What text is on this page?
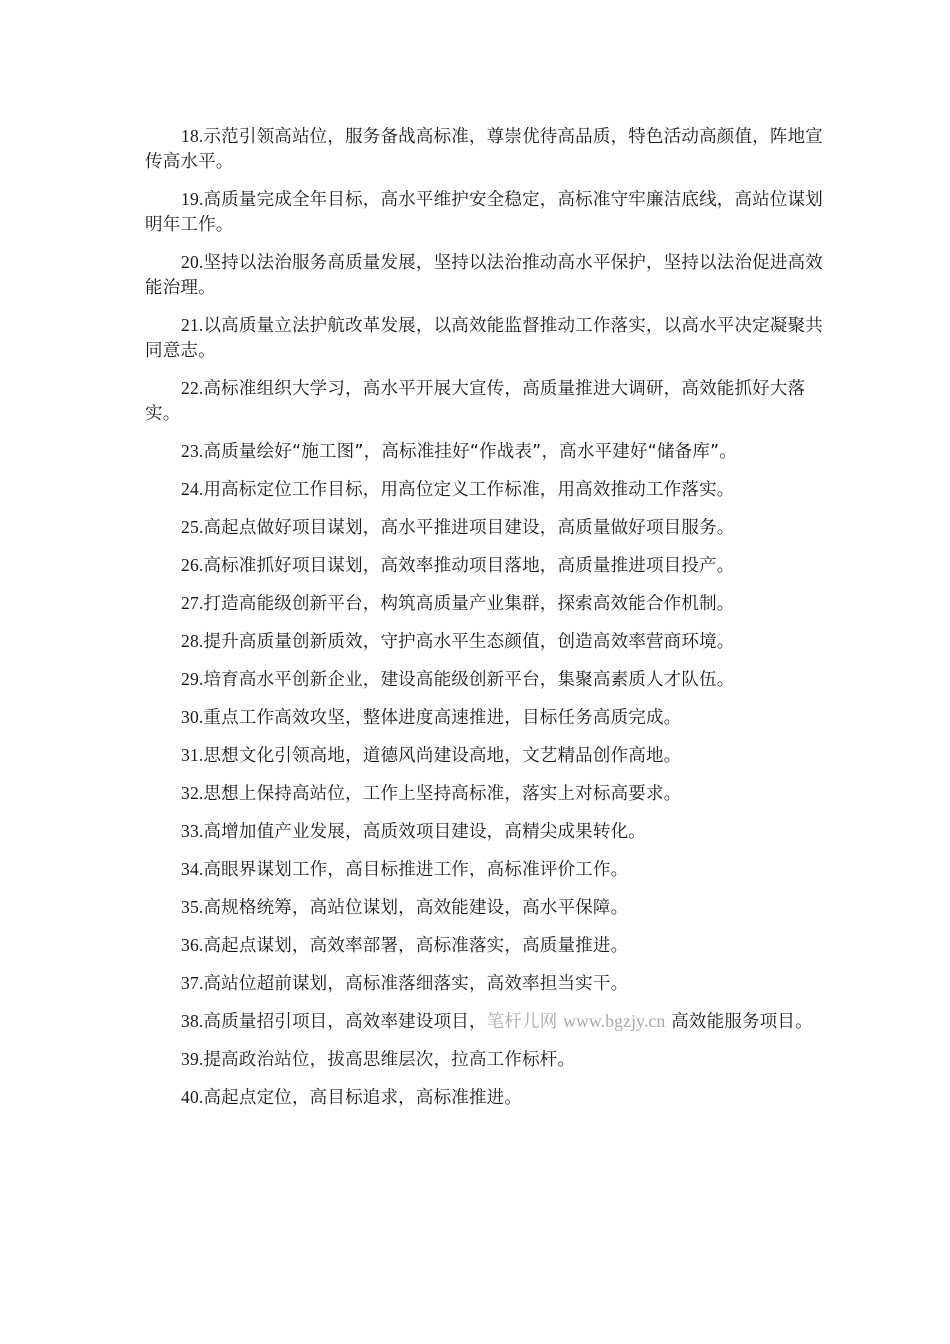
18.示范引领高站位，服务备战高标准，尊崇优待高品质，特色活动高颜值，阵地宣传高水平。

19.高质量完成全年目标，高水平维护安全稳定，高标准守牢廉洁底线，高站位谋划明年工作。

20.坚持以法治服务高质量发展，坚持以法治推动高水平保护，坚持以法治促进高效能治理。

21.以高质量立法护航改革发展，以高效能监督推动工作落实，以高水平决定凝聚共同意志。

22.高标准组织大学习，高水平开展大宣传，高质量推进大调研，高效能抓好大落实。

23.高质量绘好“施工图”，高标准挂好“作战表”，高水平建好“储备库”。

24.用高标定位工作目标，用高位定义工作标准，用高效推动工作落实。

25.高起点做好项目谋划，高水平推进项目建设，高质量做好项目服务。

26.高标准抓好项目谋划，高效率推动项目落地，高质量推进项目投产。

27.打造高能级创新平台，构筑高质量产业集群，探索高效能合作机制。

28.提升高质量创新质效，守护高水平生态颜值，创造高效率营商环境。

29.培育高水平创新企业，建设高能级创新平台，集聚高素质人才队伍。

30.重点工作高效攻坚，整体进度高速推进，目标任务高质完成。

31.思想文化引领高地，道德风尚建设高地，文艺精品创作高地。

32.思想上保持高站位，工作上坚持高标准，落实上对标高要求。

33.高增加值产业发展，高质效项目建设，高精尖成果转化。

34.高眼界谋划工作，高目标推进工作，高标准评价工作。

35.高规格统筹，高站位谋划，高效能建设，高水平保障。

36.高起点谋划，高效率部署，高标准落实，高质量推进。

37.高站位超前谋划，高标准落细落实，高效率担当实干。

38.高质量招引项目，高效率建设项目，笔杆儿网 www.bgzjy.cn 高效能服务项目。

39.提高政治站位，拔高思维层次，拉高工作标杆。

40.高起点定位，高目标追求，高标准推进。
